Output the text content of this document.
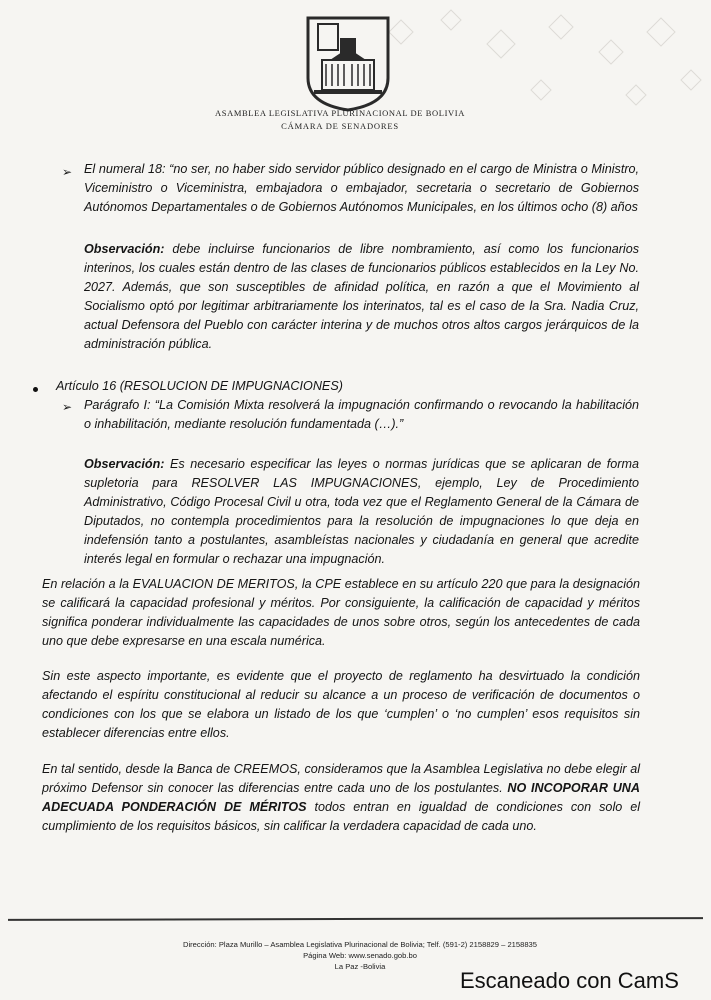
ASAMBLEA LEGISLATIVA PLURINACIONAL DE BOLIVIA
CÁMARA DE SENADORES
➢ El numeral 18: “no ser, no haber sido servidor público designado en el cargo de Ministra o Ministro, Viceministro o Viceministra, embajadora o embajador, secretaria o secretario de Gobiernos Autónomos Departamentales o de Gobiernos Autónomos Municipales, en los últimos ocho (8) años
Observación: debe incluirse funcionarios de libre nombramiento, así como los funcionarios interinos, los cuales están dentro de las clases de funcionarios públicos establecidos en la Ley No. 2027. Además, que son susceptibles de afinidad política, en razón a que el Movimiento al Socialismo optó por legitimar arbitrariamente los interinatos, tal es el caso de la Sra. Nadia Cruz, actual Defensora del Pueblo con carácter interina y de muchos otros altos cargos jerárquicos de la administración pública.
Artículo 16 (RESOLUCION DE IMPUGNACIONES)
➢ Parágrafo I: “La Comisión Mixta resolverá la impugnación confirmando o revocando la habilitación o inhabilitación, mediante resolución fundamentada (…).”
Observación: Es necesario especificar las leyes o normas jurídicas que se aplicaran de forma supletoria para RESOLVER LAS IMPUGNACIONES, ejemplo, Ley de Procedimiento Administrativo, Código Procesal Civil u otra, toda vez que el Reglamento General de la Cámara de Diputados, no contempla procedimientos para la resolución de impugnaciones lo que deja en indefensión tanto a postulantes, asambleístas nacionales y ciudadanía en general que acredite interés legal en formular o rechazar una impugnación.
En relación a la EVALUACION DE MERITOS, la CPE establece en su artículo 220 que para la designación se calificará la capacidad profesional y méritos. Por consiguiente, la calificación de capacidad y méritos significa ponderar individualmente las capacidades de unos sobre otros, según los antecedentes de cada uno que debe expresarse en una escala numérica.
Sin este aspecto importante, es evidente que el proyecto de reglamento ha desvirtuado la condición afectando el espíritu constitucional al reducir su alcance a un proceso de verificación de documentos o condiciones con los que se elabora un listado de los que ‘cumplen’ o ‘no cumplen’ esos requisitos sin establecer diferencias entre ellos.
En tal sentido, desde la Banca de CREEMOS, consideramos que la Asamblea Legislativa no debe elegir al próximo Defensor sin conocer las diferencias entre cada uno de los postulantes. NO INCOPORAR UNA ADECUADA PONDERACIÓN DE MÉRITOS todos entran en igualdad de condiciones con solo el cumplimiento de los requisitos básicos, sin calificar la verdadera capacidad de cada uno.
Dirección: Plaza Murillo – Asamblea Legislativa Plurinacional de Bolivia; Telf. (591-2) 2158829 – 2158835
Página Web: www.senado.gob.bo
La Paz -Bolivia
Escaneado con CamS
